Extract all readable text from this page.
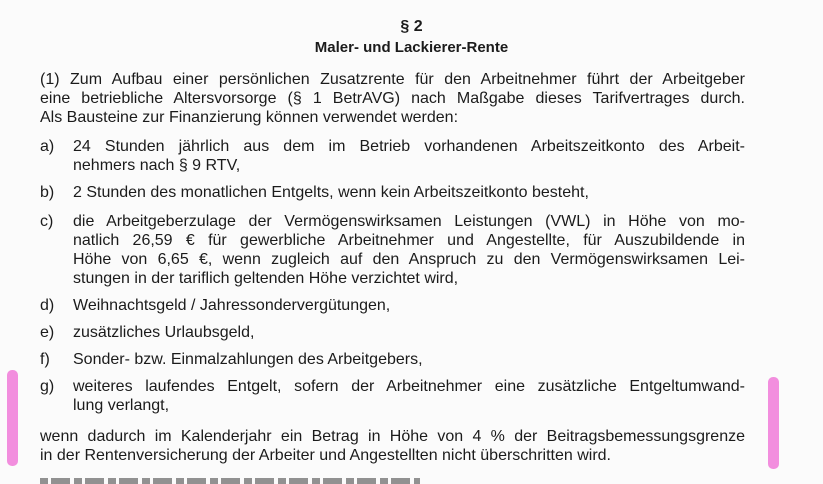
§ 2
Maler- und Lackierer-Rente
(1) Zum Aufbau einer persönlichen Zusatzrente für den Arbeitnehmer führt der Arbeitgeber
eine betriebliche Altersvorsorge (§ 1 BetrAVG) nach Maßgabe dieses Tarifvertrages durch.
Als Bausteine zur Finanzierung können verwendet werden:
a) 24 Stunden jährlich aus dem im Betrieb vorhandenen Arbeitszeitkonto des Arbeit-
nehmers nach § 9 RTV,
b) 2 Stunden des monatlichen Entgelts, wenn kein Arbeitszeitkonto besteht,
c) die Arbeitgeberzulage der Vermögenswirksamen Leistungen (VWL) in Höhe von mo-
natlich 26,59 € für gewerbliche Arbeitnehmer und Angestellte, für Auszubildende in
Höhe von 6,65 €, wenn zugleich auf den Anspruch zu den Vermögenswirksamen Lei-
stungen in der tariflich geltenden Höhe verzichtet wird,
d) Weihnachtsgeld / Jahressondervergütungen,
e) zusätzliches Urlaubsgeld,
f) Sonder- bzw. Einmalzahlungen des Arbeitgebers,
g) weiteres laufendes Entgelt, sofern der Arbeitnehmer eine zusätzliche Entgeltumwand-
lung verlangt,
wenn dadurch im Kalenderjahr ein Betrag in Höhe von 4 % der Beitragsbemessungsgrenze
in der Rentenversicherung der Arbeiter und Angestellten nicht überschritten wird.
